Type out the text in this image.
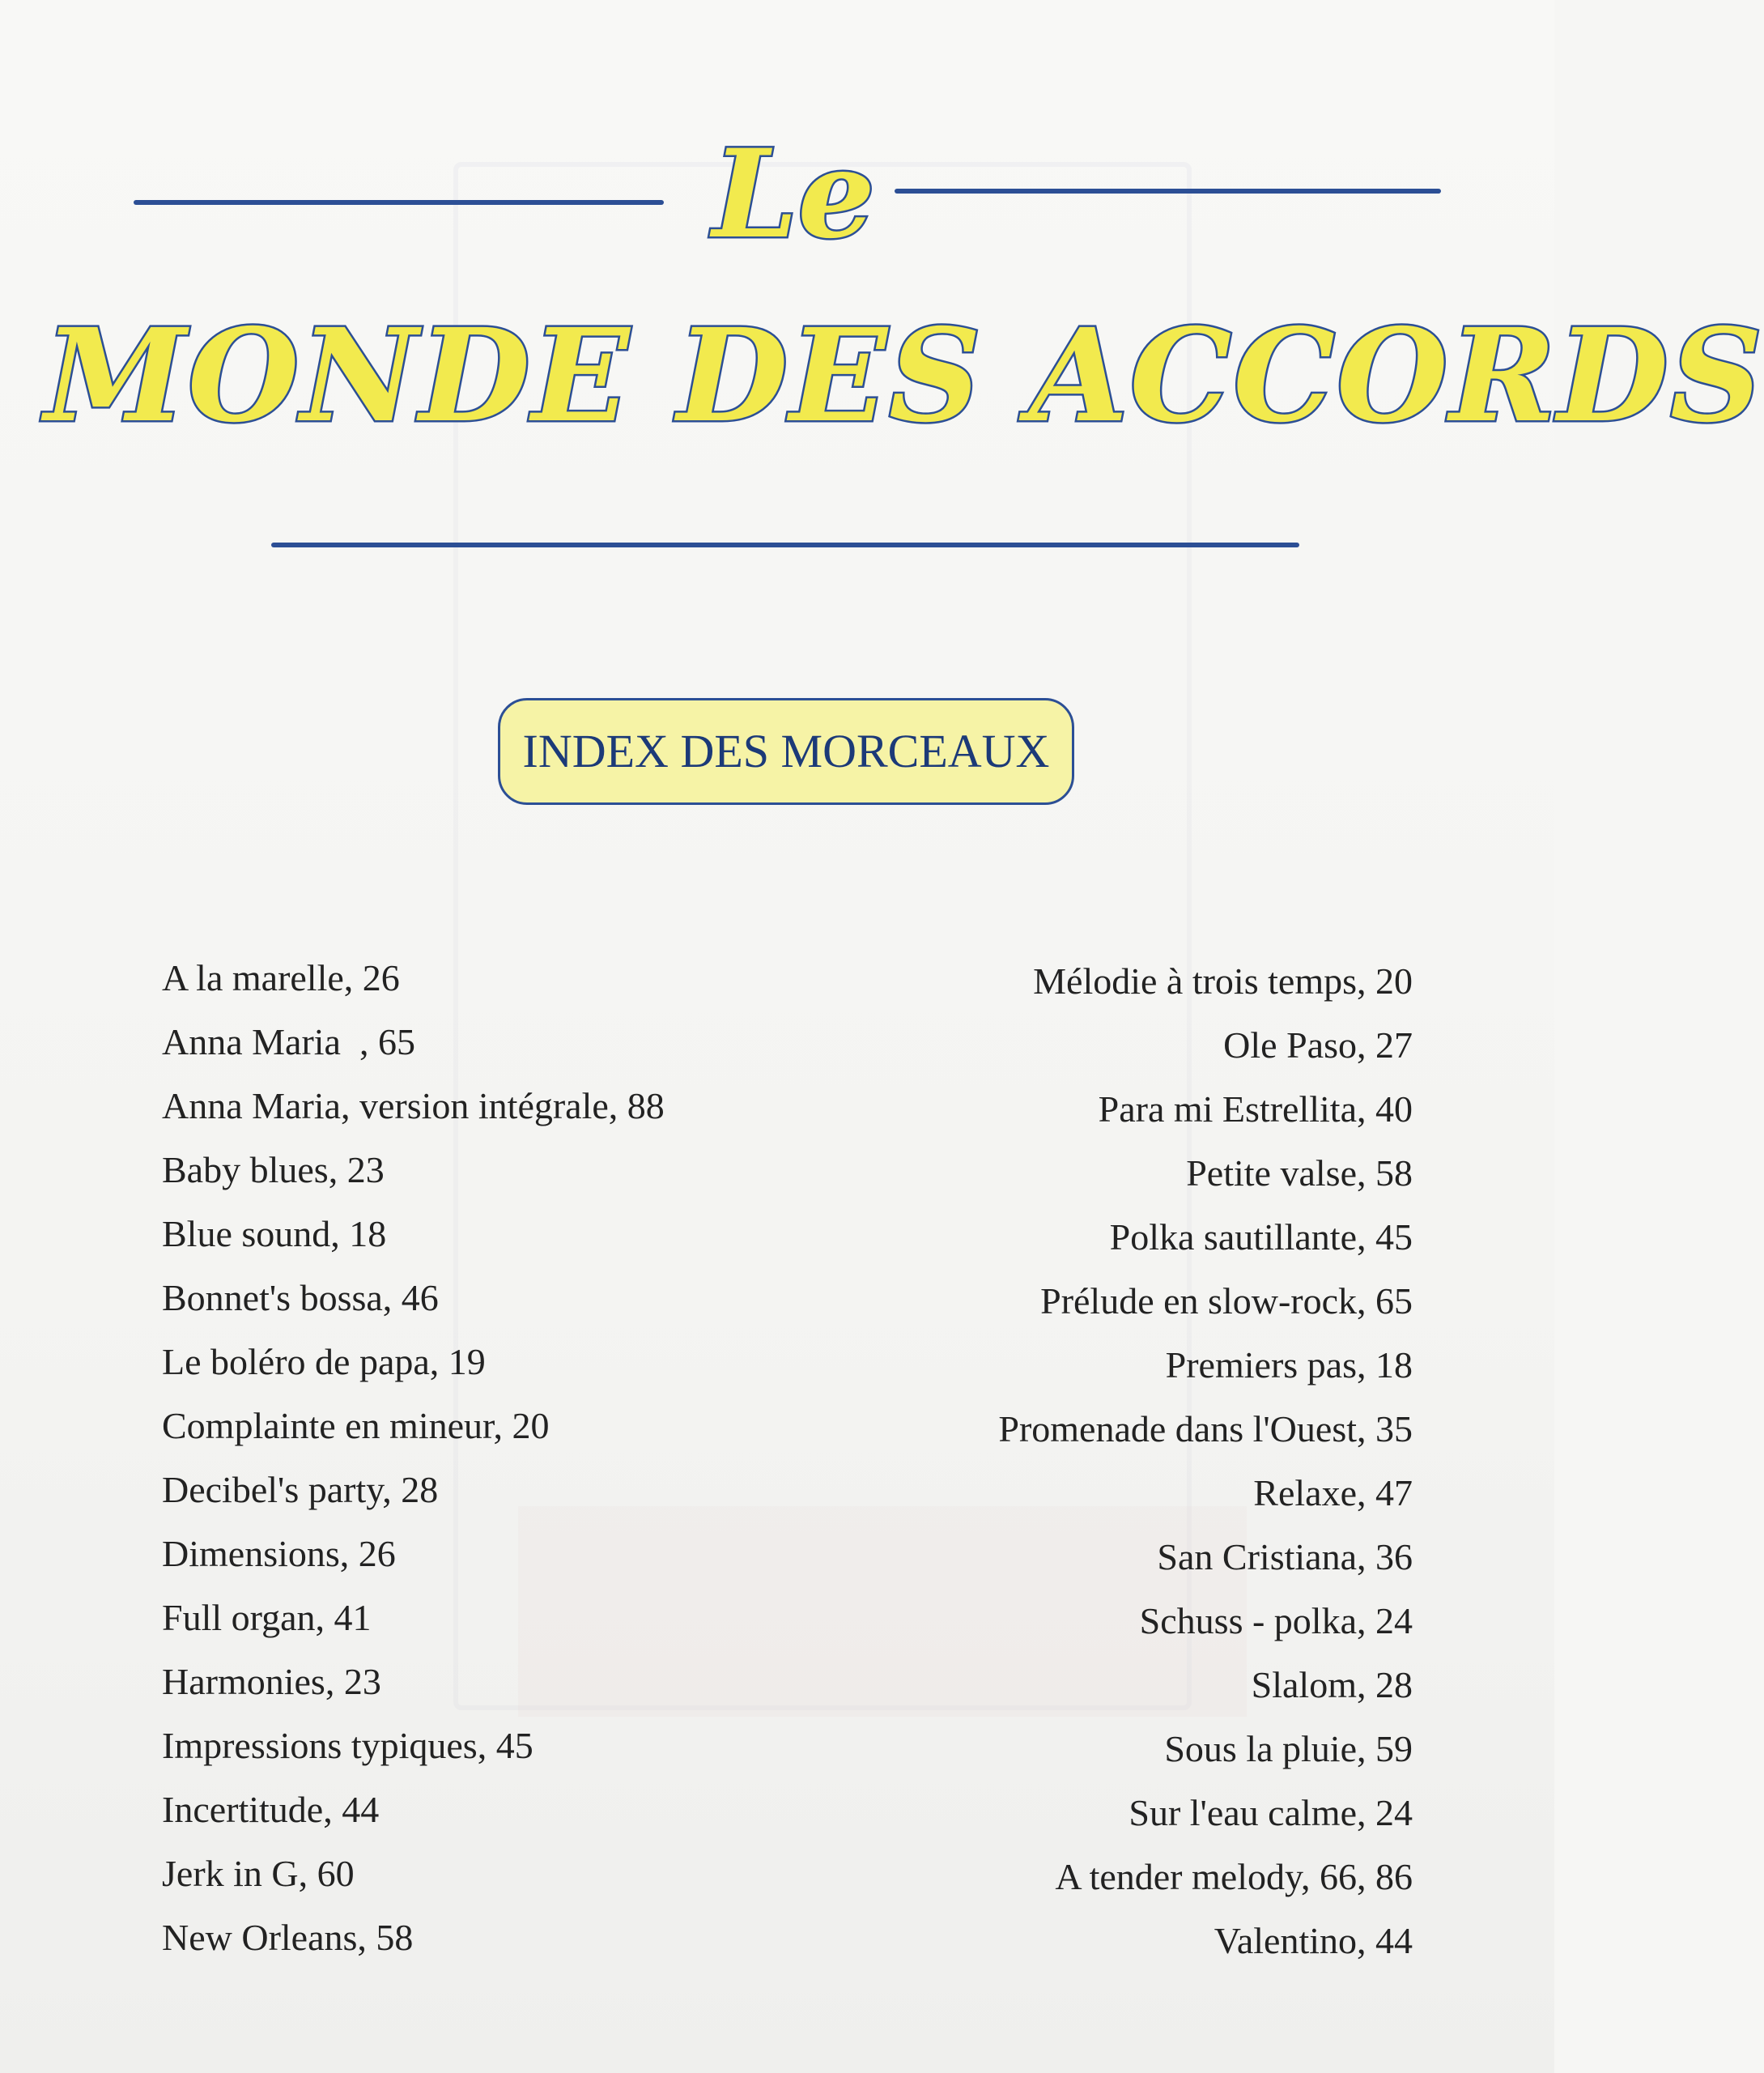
Le
MONDE DES ACCORDS
INDEX DES MORCEAUX
A la marelle, 26
Anna Maria  , 65
Anna Maria, version intégrale, 88
Baby blues, 23
Blue sound, 18
Bonnet's bossa, 46
Le boléro de papa, 19
Complainte en mineur, 20
Decibel's party, 28
Dimensions, 26
Full organ, 41
Harmonies, 23
Impressions typiques, 45
Incertitude, 44
Jerk in G, 60
New Orleans, 58
Mélodie à trois temps, 20
Ole Paso, 27
Para mi Estrellita, 40
Petite valse, 58
Polka sautillante, 45
Prélude en slow-rock, 65
Premiers pas, 18
Promenade dans l'Ouest, 35
Relaxe, 47
San Cristiana, 36
Schuss - polka, 24
Slalom, 28
Sous la pluie, 59
Sur l'eau calme, 24
A tender melody, 66, 86
Valentino, 44
